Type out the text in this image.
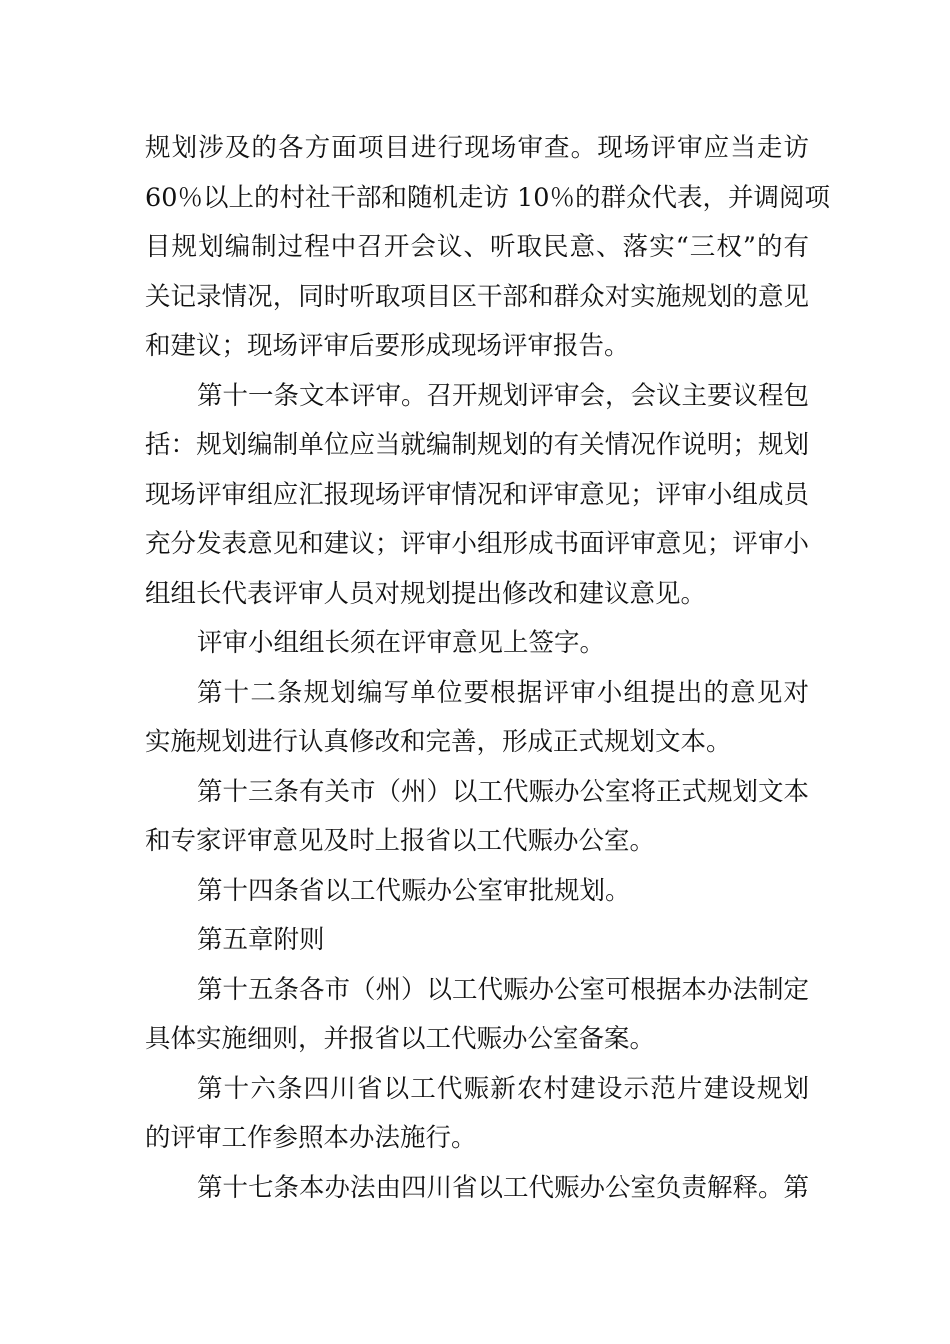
规划涉及的各方面项目进行现场审查。现场评审应当走访
60％以上的村社干部和随机走访 10％的群众代表，并调阅项
目规划编制过程中召开会议、听取民意、落实“三权”的有
关记录情况，同时听取项目区干部和群众对实施规划的意见
和建议；现场评审后要形成现场评审报告。
第十一条文本评审。召开规划评审会，会议主要议程包
括：规划编制单位应当就编制规划的有关情况作说明；规划
现场评审组应汇报现场评审情况和评审意见；评审小组成员
充分发表意见和建议；评审小组形成书面评审意见；评审小
组组长代表评审人员对规划提出修改和建议意见。
评审小组组长须在评审意见上签字。
第十二条规划编写单位要根据评审小组提出的意见对
实施规划进行认真修改和完善，形成正式规划文本。
第十三条有关市（州）以工代赈办公室将正式规划文本
和专家评审意见及时上报省以工代赈办公室。
第十四条省以工代赈办公室审批规划。
第五章附则
第十五条各市（州）以工代赈办公室可根据本办法制定
具体实施细则，并报省以工代赈办公室备案。
第十六条四川省以工代赈新农村建设示范片建设规划
的评审工作参照本办法施行。
第十七条本办法由四川省以工代赈办公室负责解释。第
